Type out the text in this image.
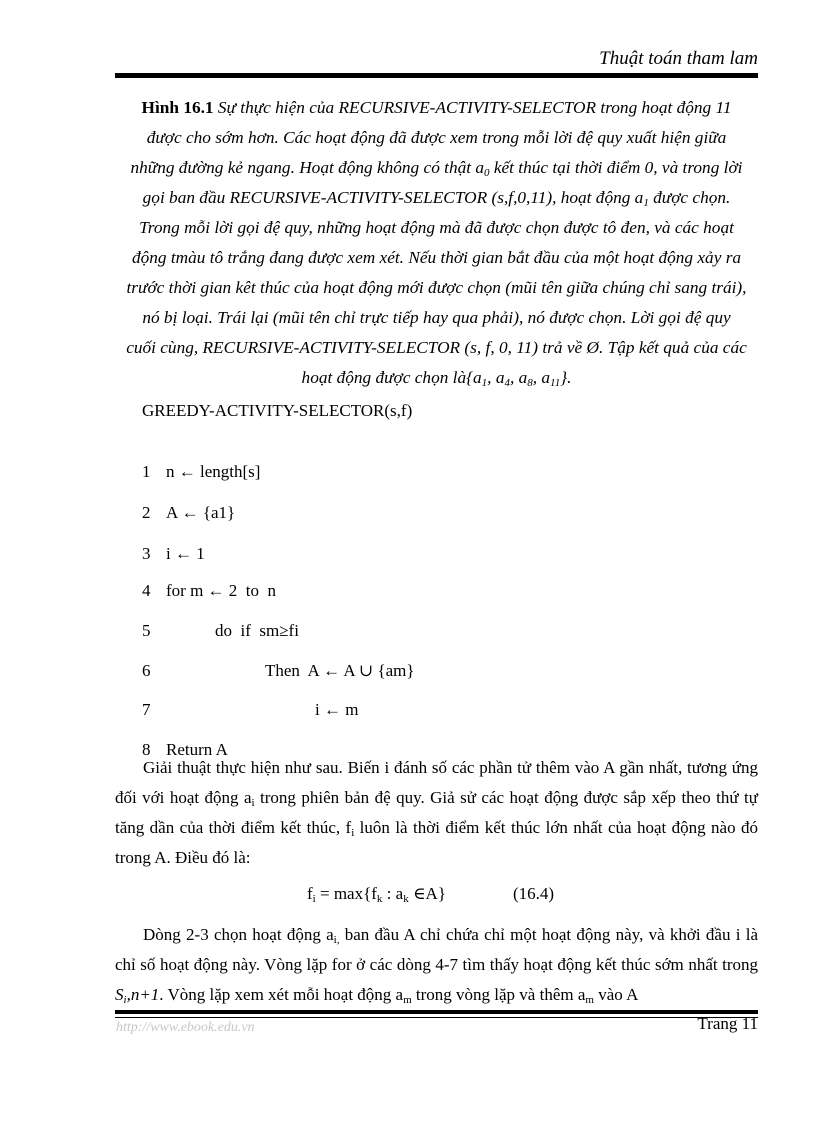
Thuật toán tham lam
Hình 16.1 Sự thực hiện của RECURSIVE-ACTIVITY-SELECTOR trong hoạt động 11
được cho sớm hơn. Các hoạt động đã được xem trong mỗi lời đệ quy xuất hiện giữa
những đường kẻ ngang. Hoạt động không có thật $a_0$ kết thúc tại thời điểm 0, và trong lời
gọi ban đầu RECURSIVE-ACTIVITY-SELECTOR (s,f,0,11), hoạt động $a_1$ được chọn.
Trong mỗi lời gọi đệ quy, những hoạt động mà đã được chọn được tô đen, và các hoạt
động tmàu tô trắng đang được xem xét. Nếu thời gian bắt đầu của một hoạt động xảy ra
trước thời gian kêt thúc của hoạt động mới được chọn (mũi tên giữa chúng chỉ sang trái),
nó bị loại. Trái lại (mũi tên chỉ trực tiếp hay qua phải), nó được chọn. Lời gọi đệ quy
cuối cùng, RECURSIVE-ACTIVITY-SELECTOR (s, f, 0, 11) trả về Ø. Tập kết quả của các
hoạt động được chọn $là\{a_1$, $a_4$, $a_8$, $a_{11}$}.
GREEDY-ACTIVITY-SELECTOR(s,f)

1 n ← length[s]

2 A ← {a1}

3 i ← 1

4 for m ← 2  to  n

5	do  if  sm≥fi

6	Then  A ← A ∪ {am}

7	i ← m

8 Return A

Giải thuật thực hiện như sau. Biến i đánh số các phần tử thêm vào A gần nhất, tương ứng đối với hoạt động $a_i$ trong phiên bản đệ quy. Giả sử các hoạt động được sắp xếp theo thứ tự tăng dần của thời điểm kết thúc, $f_i$ luôn là thời điểm kết thúc lớn nhất của hoạt động nào đó trong A. Điều đó là:
$f_i = \max\{f_k$ : $a_k$ ∈A}	(16.4)
Dòng 2-3 chọn hoạt động $a_{i,}$ ban đầu A chỉ chứa chỉ một hoạt động này, và khởi đầu i là chỉ số hoạt động này. Vòng lặp for ở các dòng 4-7 tìm thấy hoạt động kết thúc sớm nhất trong $S_i,n+1$. Vòng lặp xem xét mỗi hoạt động $a_m$ trong vòng lặp và thêm $a_m$ vào A
http://www.ebook.edu.vn	Trang 11
